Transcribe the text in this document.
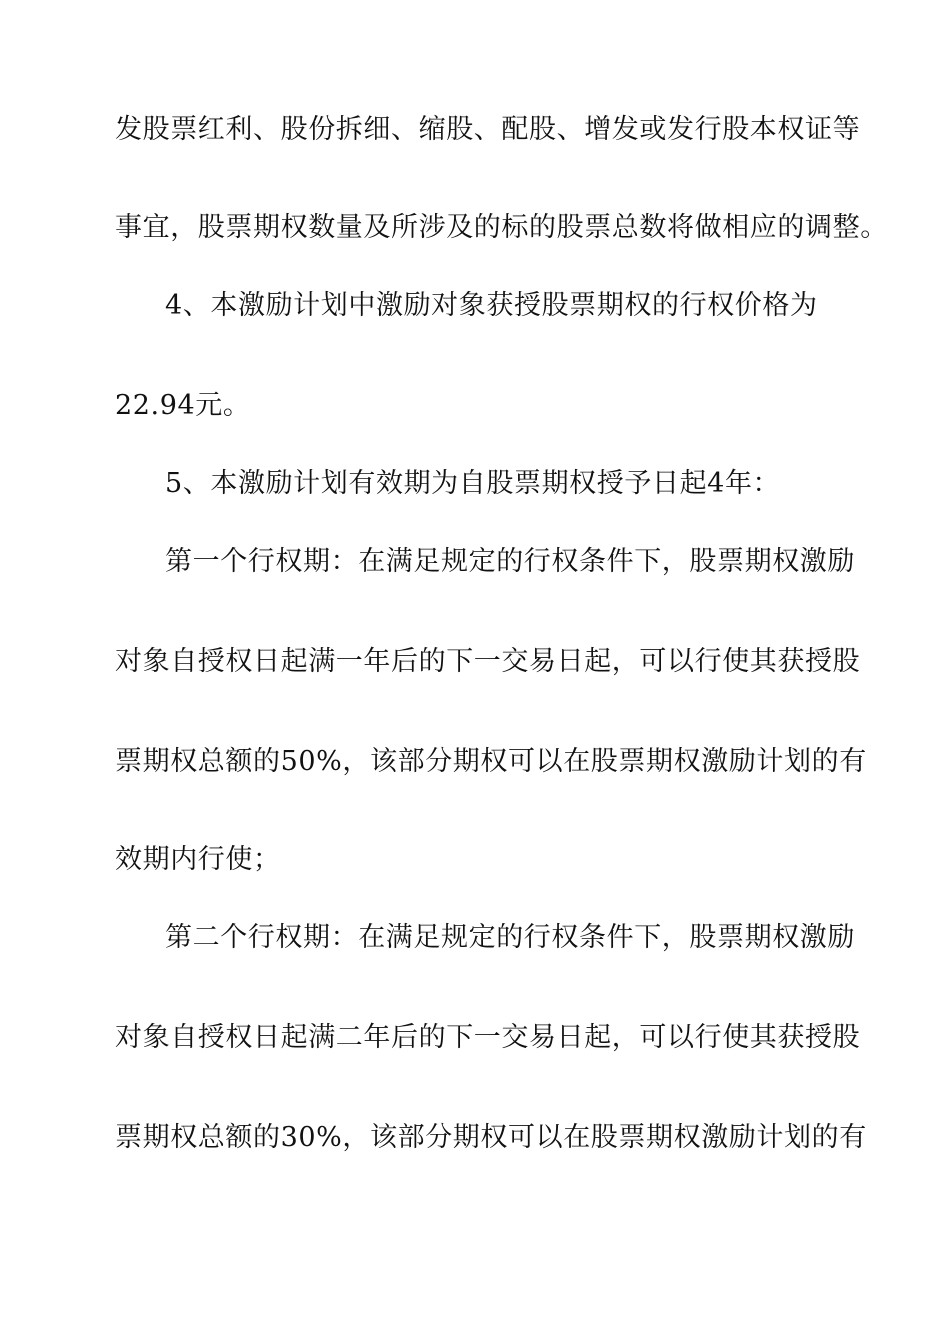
发股票红利、股份拆细、缩股、配股、增发或发行股本权证等
事宜，股票期权数量及所涉及的标的股票总数将做相应的调整。
4、本激励计划中激励对象获授股票期权的行权价格为
22.94元。
5、本激励计划有效期为自股票期权授予日起4年：
第一个行权期：在满足规定的行权条件下，股票期权激励
对象自授权日起满一年后的下一交易日起，可以行使其获授股
票期权总额的50%，该部分期权可以在股票期权激励计划的有
效期内行使；
第二个行权期：在满足规定的行权条件下，股票期权激励
对象自授权日起满二年后的下一交易日起，可以行使其获授股
票期权总额的30%，该部分期权可以在股票期权激励计划的有
